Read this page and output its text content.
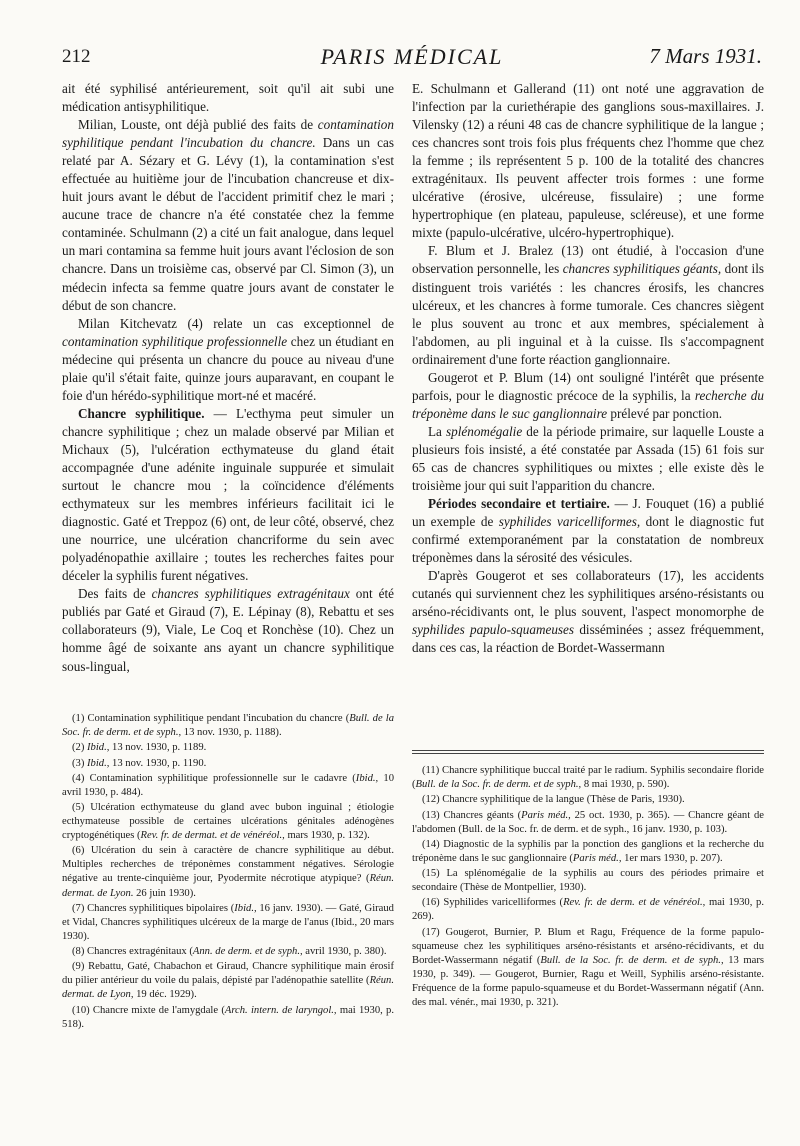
212	PARIS MÉDICAL	7 Mars 1931.

ait été syphilisé antérieurement, soit qu'il ait subi une médication antisyphilitique.

Milian, Louste, ont déjà publié des faits de contamination syphilitique pendant l'incubation du chancre. Dans un cas relaté par A. Sézary et G. Lévy (1), la contamination s'est effectuée au huitième jour de l'incubation chancreuse et dix-huit jours avant le début de l'accident primitif chez le mari ; aucune trace de chancre n'a été constatée chez la femme contaminée. Schulmann (2) a cité un fait analogue, dans lequel un mari contamina sa femme huit jours avant l'éclosion de son chancre. Dans un troisième cas, observé par Cl. Simon (3), un médecin infecta sa femme quatre jours avant de constater le début de son chancre.

Milan Kitchevatz (4) relate un cas exceptionnel de contamination syphilitique professionnelle chez un étudiant en médecine qui présenta un chancre du pouce au niveau d'une plaie qu'il s'était faite, quinze jours auparavant, en coupant le foie d'un hérédo-syphilitique mort-né et macéré.

Chancre syphilitique. — L'ecthyma peut simuler un chancre syphilitique ; chez un malade observé par Milian et Michaux (5), l'ulcération ecthymateuse du gland était accompagnée d'une adénite inguinale suppurée et simulait surtout le chancre mou ; la coïncidence d'éléments ecthymateux sur les membres inférieurs facilitait ici le diagnostic. Gaté et Treppoz (6) ont, de leur côté, observé, chez une nourrice, une ulcération chancriforme du sein avec polyadénopathie axillaire ; toutes les recherches faites pour déceler la syphilis furent négatives.

Des faits de chancres syphilitiques extragénitaux ont été publiés par Gaté et Giraud (7), E. Lépinay (8), Rebattu et ses collaborateurs (9), Viale, Le Coq et Ronchèse (10). Chez un homme âgé de soixante ans ayant un chancre syphilitique sous-lingual,

E. Schulmann et Gallerand (11) ont noté une aggravation de l'infection par la curiethérapie des ganglions sous-maxillaires. J. Vilensky (12) a réuni 48 cas de chancre syphilitique de la langue ; ces chancres sont trois fois plus fréquents chez l'homme que chez la femme ; ils représentent 5 p. 100 de la totalité des chancres extragénitaux. Ils peuvent affecter trois formes : une forme ulcérative (érosive, ulcéreuse, fissulaire) ; une forme hypertrophique (en plateau, papuleuse, scléreuse), et une forme mixte (papulo-ulcérative, ulcéro-hypertrophique).

F. Blum et J. Bralez (13) ont étudié, à l'occasion d'une observation personnelle, les chancres syphilitiques géants, dont ils distinguent trois variétés : les chancres érosifs, les chancres ulcéreux, et les chancres à forme tumorale. Ces chancres siègent le plus souvent au tronc et aux membres, spécialement à l'abdomen, au pli inguinal et à la cuisse. Ils s'accompagnent ordinairement d'une forte réaction ganglionnaire.

Gougerot et P. Blum (14) ont souligné l'intérêt que présente parfois, pour le diagnostic précoce de la syphilis, la recherche du tréponème dans le suc ganglionnaire prélevé par ponction.

La splénomégalie de la période primaire, sur laquelle Louste a plusieurs fois insisté, a été constatée par Assada (15) 61 fois sur 65 cas de chancres syphilitiques ou mixtes ; elle existe dès le troisième jour qui suit l'apparition du chancre.

Périodes secondaire et tertiaire. — J. Fouquet (16) a publié un exemple de syphilides varicelliformes, dont le diagnostic fut confirmé extemporanément par la constatation de nombreux tréponèmes dans la sérosité des vésicules.

D'après Gougerot et ses collaborateurs (17), les accidents cutanés qui surviennent chez les syphilitiques arséno-résistants ou arséno-récidivants ont, le plus souvent, l'aspect monomorphe de syphilides papulo-squameuses disséminées ; assez fréquemment, dans ces cas, la réaction de Bordet-Wassermann

(1) Contamination syphilitique pendant l'incubation du chancre (Bull. de la Soc. fr. de derm. et de syph., 13 nov. 1930, p. 1188).

(2) Ibid., 13 nov. 1930, p. 1189.

(3) Ibid., 13 nov. 1930, p. 1190.

(4) Contamination syphilitique professionnelle sur le cadavre (Ibid., 10 avril 1930, p. 484).

(5) Ulcération ecthymateuse du gland avec bubon inguinal ; étiologie ecthymateuse possible de certaines ulcérations génitales adénogènes cryptogénétiques (Rev. fr. de dermat. et de vénéréol., mars 1930, p. 132).

(6) Ulcération du sein à caractère de chancre syphilitique au début. Multiples recherches de tréponèmes constamment négatives. Sérologie négative au trente-cinquième jour, Pyodermite nécrotique atypique? (Réun. dermat. de Lyon. 26 juin 1930).

(7) Chancres syphilitiques bipolaires (Ibid., 16 janv. 1930). — Gaté, Giraud et Vidal, Chancres syphilitiques ulcéreux de la marge de l'anus (Ibid., 20 mars 1930).

(8) Chancres extragénitaux (Ann. de derm. et de syph., avril 1930, p. 380).

(9) Rebattu, Gaté, Chabachon et Giraud, Chancre syphilitique main érosif du pilier antérieur du voile du palais, dépisté par l'adénopathie satellite (Réun. dermat. de Lyon, 19 déc. 1929).

(10) Chancre mixte de l'amygdale (Arch. intern. de laryngol., mai 1930, p. 518).

(11) Chancre syphilitique buccal traité par le radium. Syphilis secondaire floride (Bull. de la Soc. fr. de derm. et de syph., 8 mai 1930, p. 590).

(12) Chancre syphilitique de la langue (Thèse de Paris, 1930).

(13) Chancres géants (Paris méd., 25 oct. 1930, p. 365). — Chancre géant de l'abdomen (Bull. de la Soc. fr. de derm. et de syph., 16 janv. 1930, p. 103).

(14) Diagnostic de la syphilis par la ponction des ganglions et la recherche du tréponème dans le suc ganglionnaire (Paris méd., 1er mars 1930, p. 207).

(15) La splénomégalie de la syphilis au cours des périodes primaire et secondaire (Thèse de Montpellier, 1930).

(16) Syphilides varicelliformes (Rev. fr. de derm. et de vénéréol., mai 1930, p. 269).

(17) Gougerot, Burnier, P. Blum et Ragu, Fréquence de la forme papulo-squameuse chez les syphilitiques arséno-résistants et arséno-récidivants, et du Bordet-Wassermann négatif (Bull. de la Soc. fr. de derm. et de syph., 13 mars 1930, p. 349). — Gougerot, Burnier, Ragu et Weill, Syphilis arséno-résistante. Fréquence de la forme papulo-squameuse et du Bordet-Wassermann négatif (Ann. des mal. vénér., mai 1930, p. 321).
